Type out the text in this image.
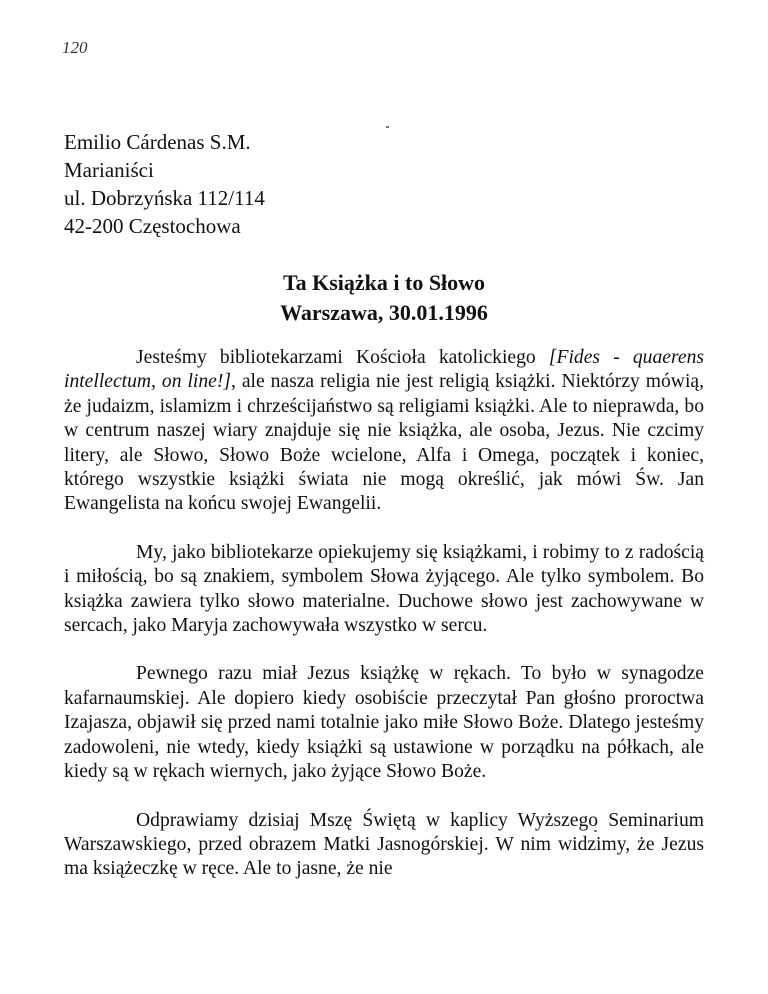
120
Emilio Cárdenas S.M.
Marianiści
ul. Dobrzyńska 112/114
42-200 Częstochowa
Ta Książka i to Słowo
Warszawa, 30.01.1996

Jesteśmy bibliotekarzami Kościoła katolickiego [Fides - quaerens intellectum, on line!], ale nasza religia nie jest religią książki. Niektórzy mówią, że judaizm, islamizm i chrześcijaństwo są religiami książki. Ale to nieprawda, bo w centrum naszej wiary znajduje się nie książka, ale osoba, Jezus. Nie czcimy litery, ale Słowo, Słowo Boże wcielone, Alfa i Omega, początek i koniec, którego wszystkie książki świata nie mogą określić, jak mówi Św. Jan Ewangelista na końcu swojej Ewangelii.

My, jako bibliotekarze opiekujemy się książkami, i robimy to z radością i miłością, bo są znakiem, symbolem Słowa żyjącego. Ale tylko symbolem. Bo książka zawiera tylko słowo materialne. Duchowe słowo jest zachowywane w sercach, jako Maryja zachowywała wszystko w sercu.

Pewnego razu miał Jezus książkę w rękach. To było w synagodze kafarnaumskiej. Ale dopiero kiedy osobiście przeczytał Pan głośno proroctwa Izajasza, objawił się przed nami totalnie jako miłe Słowo Boże. Dlatego jesteśmy zadowoleni, nie wtedy, kiedy książki są ustawione w porządku na półkach, ale kiedy są w rękach wiernych, jako żyjące Słowo Boże.

Odprawiamy dzisiaj Mszę Świętą w kaplicy Wyższego Seminarium Warszawskiego, przed obrazem Matki Jasnogórskiej. W nim widzimy, że Jezus ma książeczkę w ręce. Ale to jasne, że nie
